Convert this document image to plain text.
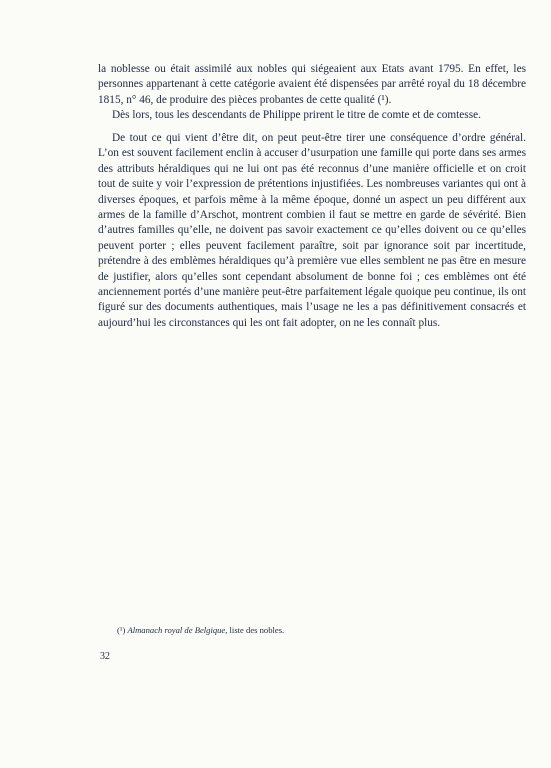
la noblesse ou était assimilé aux nobles qui siégeaient aux Etats avant 1795. En effet, les personnes appartenant à cette catégorie avaient été dispensées par arrêté royal du 18 décembre 1815, n° 46, de produire des pièces probantes de cette qualité (¹).

Dès lors, tous les descendants de Philippe prirent le titre de comte et de comtesse.

De tout ce qui vient d’être dit, on peut peut-être tirer une conséquence d’ordre général. L’on est souvent facilement enclin à accuser d’usurpation une famille qui porte dans ses armes des attributs héraldiques qui ne lui ont pas été reconnus d’une manière officielle et on croit tout de suite y voir l’expression de prétentions injustifiées. Les nombreuses variantes qui ont à diverses époques, et parfois même à la même époque, donné un aspect un peu différent aux armes de la famille d’Arschot, montrent combien il faut se mettre en garde de sévérité. Bien d’autres familles qu’elle, ne doivent pas savoir exactement ce qu’elles doivent ou ce qu’elles peuvent porter ; elles peuvent facilement paraître, soit par ignorance soit par incertitude, prétendre à des emblèmes héraldiques qu’à première vue elles semblent ne pas être en mesure de justifier, alors qu’elles sont cependant absolument de bonne foi ; ces emblèmes ont été anciennement portés d’une manière peut-être parfaitement légale quoique peu continue, ils ont figuré sur des documents authentiques, mais l’usage ne les a pas définitivement consacrés et aujourd’hui les circonstances qui les ont fait adopter, on ne les connaît plus.

(¹) Almanach royal de Belgique, liste des nobles.
32
